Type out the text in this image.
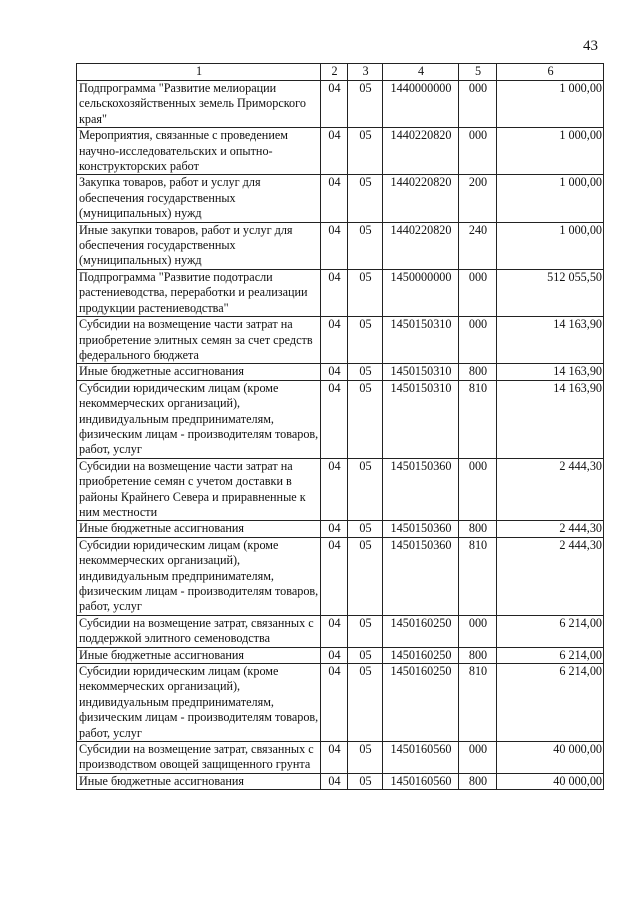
43
1	2	3	4	5	6
Подпрограмма "Развитие мелиорации сельскохозяйственных земель Приморского края"	04	05	1440000000	000	1 000,00
Мероприятия, связанные с проведением научно-исследовательских и опытно-конструкторских работ	04	05	1440220820	000	1 000,00
Закупка товаров, работ и услуг для обеспечения государственных (муниципальных) нужд	04	05	1440220820	200	1 000,00
Иные закупки товаров, работ и услуг для обеспечения государственных (муниципальных) нужд	04	05	1440220820	240	1 000,00
Подпрограмма "Развитие подотрасли растениеводства, переработки и реализации продукции растениеводства"	04	05	1450000000	000	512 055,50
Субсидии на возмещение части затрат на приобретение элитных семян за счет средств федерального бюджета	04	05	1450150310	000	14 163,90
Иные бюджетные ассигнования	04	05	1450150310	800	14 163,90
Субсидии юридическим лицам (кроме некоммерческих организаций), индивидуальным предпринимателям, физическим лицам - производителям товаров, работ, услуг	04	05	1450150310	810	14 163,90
Субсидии на возмещение части затрат на приобретение семян с учетом доставки в районы Крайнего Севера и приравненные к ним местности	04	05	1450150360	000	2 444,30
Иные бюджетные ассигнования	04	05	1450150360	800	2 444,30
Субсидии юридическим лицам (кроме некоммерческих организаций), индивидуальным предпринимателям, физическим лицам - производителям товаров, работ, услуг	04	05	1450150360	810	2 444,30
Субсидии на возмещение затрат, связанных с поддержкой элитного семеноводства	04	05	1450160250	000	6 214,00
Иные бюджетные ассигнования	04	05	1450160250	800	6 214,00
Субсидии юридическим лицам (кроме некоммерческих организаций), индивидуальным предпринимателям, физическим лицам - производителям товаров, работ, услуг	04	05	1450160250	810	6 214,00
Субсидии на возмещение затрат, связанных с производством овощей защищенного грунта	04	05	1450160560	000	40 000,00
Иные бюджетные ассигнования	04	05	1450160560	800	40 000,00
